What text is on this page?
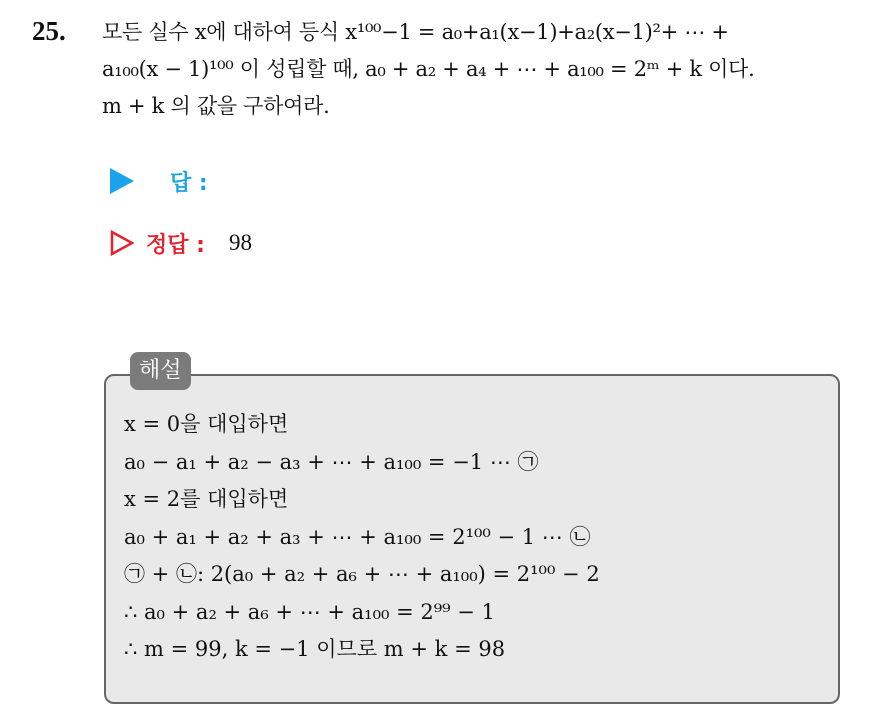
25. 모든 실수 x에 대하여 등식 x¹⁰⁰−1 = a₀+a₁(x−1)+a₂(x−1)²+ ⋯ +
a₁₀₀(x − 1)¹⁰⁰ 이 성립할 때, a₀ + a₂ + a₄ + ⋯ + a₁₀₀ = 2ᵐ + k 이다.
m + k 의 값을 구하여라.
답 :
정답 : 98
해설
x = 0을 대입하면
a₀ − a₁ + a₂ − a₃ + ⋯ + a₁₀₀ = −1 ⋯ ㉠
x = 2를 대입하면
a₀ + a₁ + a₂ + a₃ + ⋯ + a₁₀₀ = 2¹⁰⁰ − 1 ⋯ ㉡
㉠ + ㉡: 2(a₀ + a₂ + a₆ + ⋯ + a₁₀₀) = 2¹⁰⁰ − 2
∴ a₀ + a₂ + a₆ + ⋯ + a₁₀₀ = 2⁹⁹ − 1
∴ m = 99, k = −1 이므로 m + k = 98
